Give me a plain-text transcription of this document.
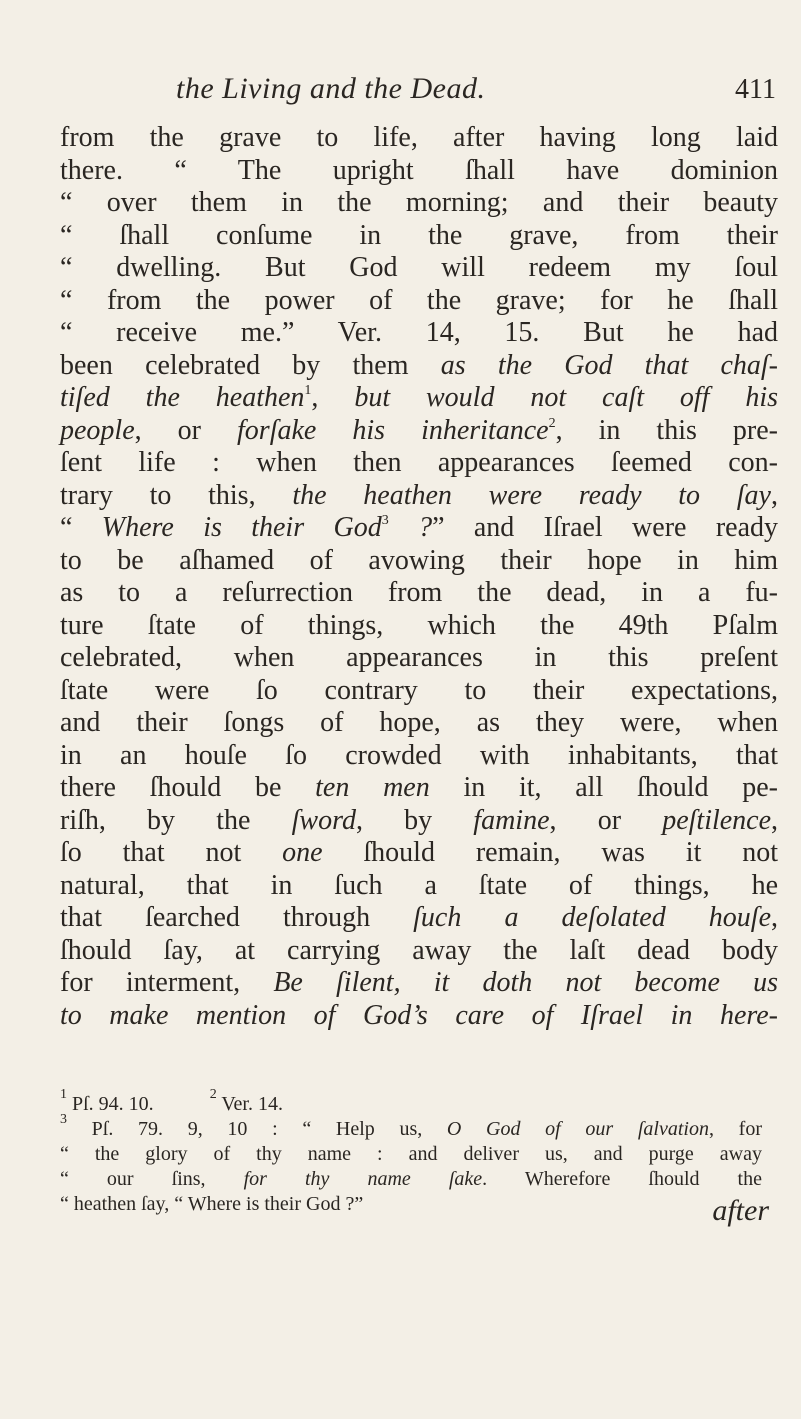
the Living and the Dead.	411
from the grave to life, after having long laid
there. “ The upright ſhall have dominion
“ over them in the morning; and their beauty
“ ſhall conſume in the grave, from their
“ dwelling. But God will redeem my ſoul
“ from the power of the grave; for he ſhall
“ receive me.” Ver. 14, 15. But he had
been celebrated by them as the God that chaſ-
tiſed the heathen$^1$, but would not caſt off his
people, or forſake his inheritance$^2$, in this pre-
ſent life : when then appearances ſeemed con-
trary to this, the heathen were ready to ſay,
“ Where is their God$^3$ ?” and Iſrael were ready
to be aſhamed of avowing their hope in him
as to a reſurrection from the dead, in a fu-
ture ſtate of things, which the 49th Pſalm
celebrated, when appearances in this preſent
ſtate were ſo contrary to their expectations,
and their ſongs of hope, as they were, when
in an houſe ſo crowded with inhabitants, that
there ſhould be ten men in it, all ſhould pe-
riſh, by the ſword, by famine, or peſtilence,
ſo that not one ſhould remain, was it not
natural, that in ſuch a ſtate of things, he
that ſearched through ſuch a deſolated houſe,
ſhould ſay, at carrying away the laſt dead body
for interment, Be ſilent, it doth not become us
to make mention of God’s care of Iſrael in here-
$^1$ Pſ. 94. 10.	$^2$ Ver. 14.
$^3$ Pſ. 79. 9, 10 : “ Help us, O God of our ſalvation, for
“ the glory of thy name : and deliver us, and purge away
“ our ſins, for thy name ſake. Wherefore ſhould the
“ heathen ſay, “ Where is their God ?”	after
